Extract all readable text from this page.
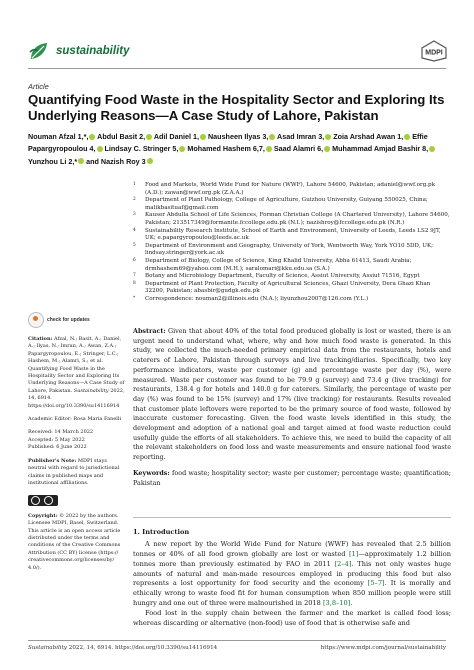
sustainability	MDPI
Article
Quantifying Food Waste in the Hospitality Sector and Exploring Its Underlying Reasons—A Case Study of Lahore, Pakistan
Nouman Afzal 1,*, Abdul Basit 2, Adil Daniel 1, Nausheen Ilyas 3, Asad Imran 3, Zoia Arshad Awan 1, Effie Papargyropoulou 4, Lindsay C. Stringer 5, Mohamed Hashem 6,7, Saad Alamri 6, Muhammad Amjad Bashir 8, Yunzhou Li 2,* and Nazish Roy 3
1 Food and Markets, World Wide Fund for Nature (WWF), Lahore 54600, Pakistan; adaniel@wwf.org.pk (A.D.); zawan@wwf.org.pk (Z.A.A.)
2 Department of Plant Pathology, College of Agriculture, Guizhou University, Guiyang 550025, China; malikbasituaf@gmail.com
3 Kauser Abdulla School of Life Sciences, Forman Christian College (A Chartered University), Lahore 54600, Pakistan; 213517349@formanite.fccollege.edu.pk (N.I.); nazishroy@fccollege.edu.pk (N.R.)
4 Sustainability Research Institute, School of Earth and Environment, University of Leeds, Leeds LS2 9JT, UK; e.papargyropoulou@leeds.ac.uk
5 Department of Environment and Geography, University of York, Wentworth Way, York YO10 5DD, UK; lindsay.stringer@york.ac.uk
6 Department of Biology, College of Science, King Khalid University, Abha 61413, Saudi Arabia; drmhashem69@yahoo.com (M.H.); saralomari@kku.edu.sa (S.A.)
7 Botany and Microbiology Department, Faculty of Science, Assiut University, Assiut 71516, Egypt
8 Department of Plant Protection, Faculty of Agricultural Sciences, Ghazi University, Dera Ghazi Khan 32200, Pakistan; abasbir@gudgk.edu.pk
* Correspondence: nouman2@illinois.edu (N.A.); liyunzhou2007@126.com (Y.L.)
check for updates

Citation: Afzal, N.; Basit, A.; Daniel, A.; Ilyas, N.; Imran, A.; Awan, Z.A.; Papargyropoulou, E.; Stringer, L.C.; Hashem, M.; Alamri, S.; et al. Quantifying Food Waste in the Hospitality Sector and Exploring Its Underlying Reasons—A Case Study of Lahore, Pakistan. Sustainability 2022, 14, 6914. https://doi.org/10.3390/su14116914

Academic Editor: Rosa Maria Fanelli

Received: 14 March 2022
Accepted: 5 May 2022
Published: 6 June 2022

Publisher's Note: MDPI stays neutral with regard to jurisdictional claims in published maps and institutional affiliations.

Copyright: © 2022 by the authors. Licensee MDPI, Basel, Switzerland. This article is an open access article distributed under the terms and conditions of the Creative Commons Attribution (CC BY) license (https:// creativecommons.org/licenses/by/ 4.0/).

Abstract: Given that about 40% of the total food produced globally is lost or wasted, there is an urgent need to understand what, where, why and how much food waste is generated. In this study, we collected the much-needed primary empirical data from the restaurants, hotels and caterers of Lahore, Pakistan through surveys and live tracking/diaries. Specifically, two key performance indicators, waste per customer (g) and percentage waste per day (%), were measured. Waste per customer was found to be 79.9 g (survey) and 73.4 g (live tracking) for restaurants, 138.4 g for hotels and 140.0 g for caterers. Similarly, the percentage of waste per day (%) was found to be 15% (survey) and 17% (live tracking) for restaurants. Results revealed that customer plate leftovers were reported to be the primary source of food waste, followed by inaccurate customer forecasting. Given the food waste levels identified in this study, the development and adoption of a national goal and target aimed at food waste reduction could usefully guide the efforts of all stakeholders. To achieve this, we need to build the capacity of all the relevant stakeholders on food loss and waste measurements and ensure national food waste reporting.

Keywords: food waste; hospitality sector; waste per customer; percentage waste; quantification; Pakistan

1. Introduction

A new report by the World Wide Fund for Nature (WWF) has revealed that 2.5 billion tonnes or 40% of all food grown globally are lost or wasted [1]—approximately 1.2 billion tonnes more than previously estimated by FAO in 2011 [2–4]. This not only wastes huge amounts of natural and man-made resources employed in producing this food but also represents a lost opportunity for food security and the economy [5–7]. It is morally and ethically wrong to waste food fit for human consumption when 850 million people were still hungry and one out of three were malnourished in 2018 [3,8–10].

Food lost in the supply chain between the farmer and the market is called food loss; whereas discarding or alternative (non-food) use of food that is otherwise safe and

Sustainability 2022, 14, 6914. https://doi.org/10.3390/su14116914	https://www.mdpi.com/journal/sustainability
